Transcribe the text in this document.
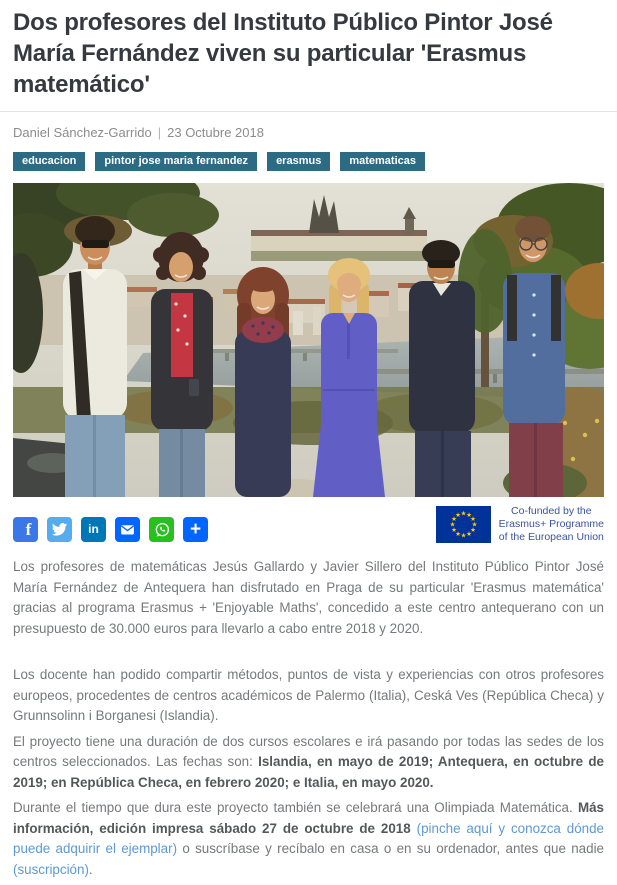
Dos profesores del Instituto Público Pintor José María Fernández viven su particular 'Erasmus matemático'
Daniel Sánchez-Garrido | 23 Octubre 2018
educacion	pintor jose maria fernandez	erasmus	matematicas
f	in	+
★ ★
★
★
★
★
★
★
★
★
★
★	Co-funded by the
Erasmus+ Programme
of the European Union

Los profesores de matemáticas Jesús Gallardo y Javier Sillero del Instituto Público Pintor José María Fernández de Antequera han disfrutado en Praga de su particular 'Erasmus matemática' gracias al programa Erasmus + 'Enjoyable Maths', concedido a este centro antequerano con un presupuesto de 30.000 euros para llevarlo a cabo entre 2018 y 2020.

Los docente han podido compartir métodos, puntos de vista y experiencias con otros profesores europeos, procedentes de centros académicos de Palermo (Italia), Ceská Ves (República Checa) y Grunnsolinn i Borganesi (Islandia).

El proyecto tiene una duración de dos cursos escolares e irá pasando por todas las sedes de los centros seleccionados. Las fechas son: Islandia, en mayo de 2019; Antequera, en octubre de 2019; en República Checa, en febrero 2020; e Italia, en mayo 2020.

Durante el tiempo que dura este proyecto también se celebrará una Olimpiada Matemática. Más información, edición impresa sábado 27 de octubre de 2018 (pinche aquí y conozca dónde puede adquirir el ejemplar) o suscríbase y recíbalo en casa o en su ordenador, antes que nadie (suscripción).
